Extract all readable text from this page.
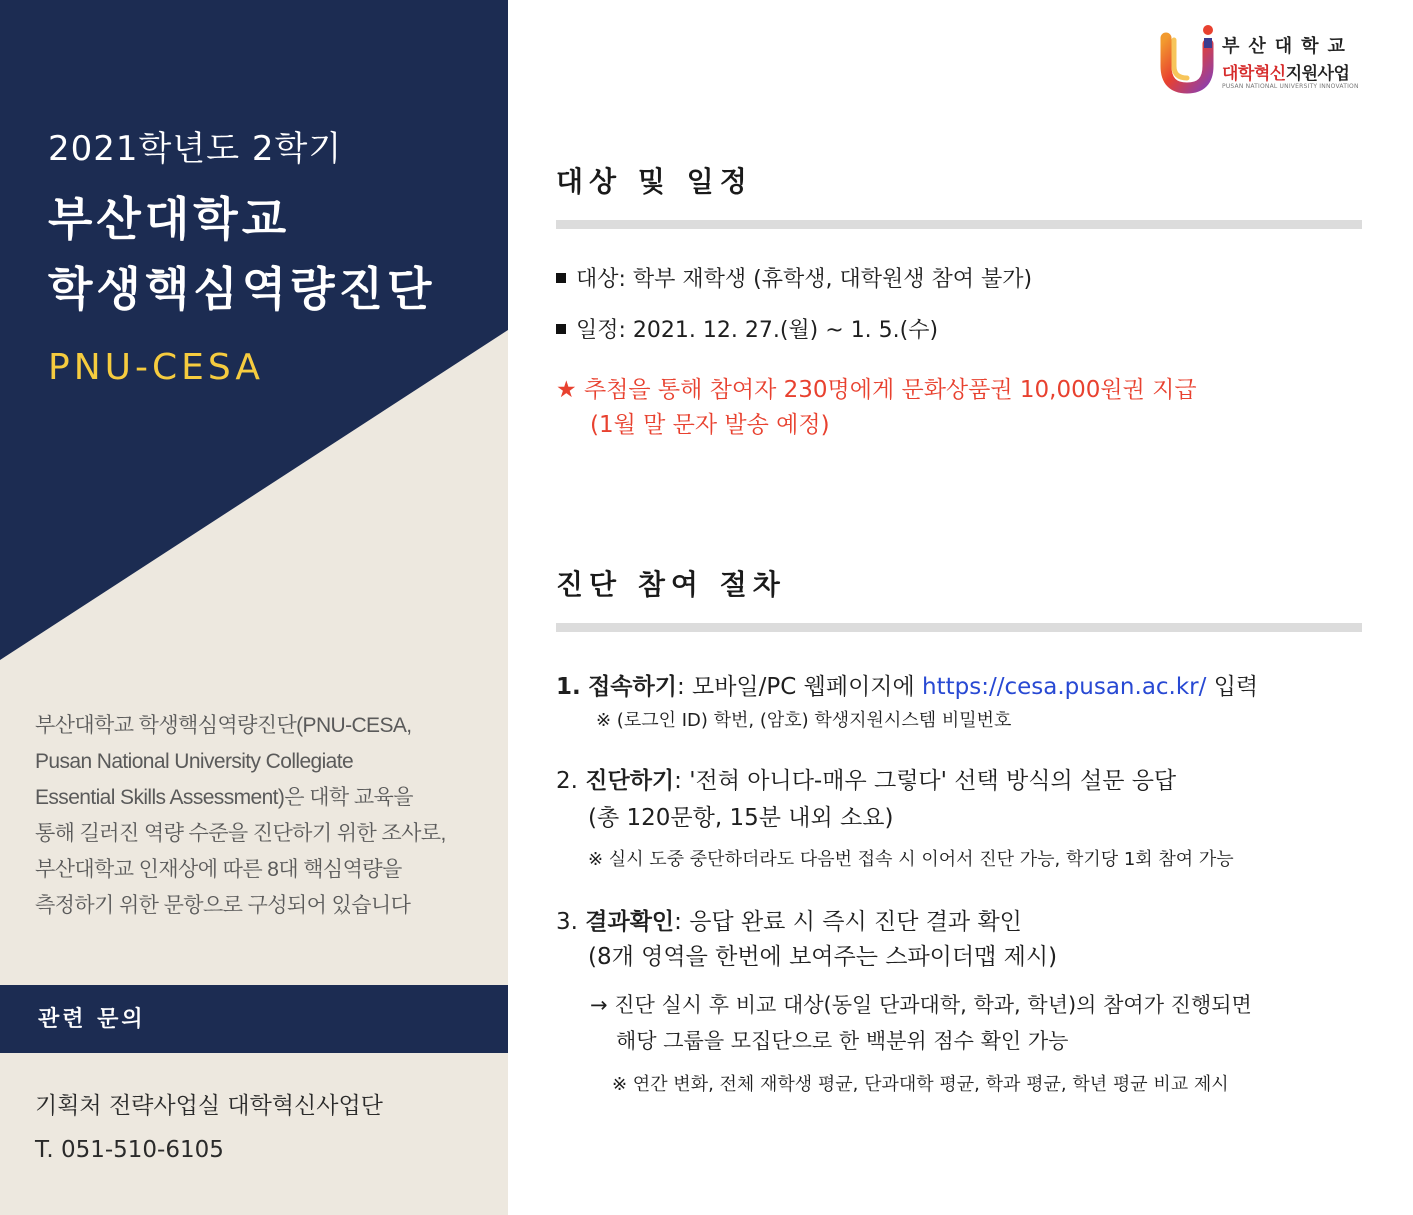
2021학년도 2학기
부산대학교
학생핵심역량진단
PNU-CESA
부산대학교 학생핵심역량진단(PNU-CESA,
Pusan National University Collegiate
Essential Skills Assessment)은 대학 교육을
통해 길러진 역량 수준을 진단하기 위한 조사로,
부산대학교 인재상에 따른 8대 핵심역량을
측정하기 위한 문항으로 구성되어 있습니다
관련 문의
기획처 전략사업실 대학혁신사업단
T. 051-510-6105
부산대학교
대학혁신지원사업
PUSAN NATIONAL UNIVERSITY INNOVATION
대상 및 일정
대상: 학부 재학생 (휴학생, 대학원생 참여 불가)
일정: 2021. 12. 27.(월) ~ 1. 5.(수)
★ 추첨을 통해 참여자 230명에게 문화상품권 10,000원권 지급
(1월 말 문자 발송 예정)
진단 참여 절차
1. 접속하기: 모바일/PC 웹페이지에 https://cesa.pusan.ac.kr/ 입력
※ (로그인 ID) 학번, (암호) 학생지원시스템 비밀번호
2. 진단하기: '전혀 아니다-매우 그렇다' 선택 방식의 설문 응답
(총 120문항, 15분 내외 소요)
※ 실시 도중 중단하더라도 다음번 접속 시 이어서 진단 가능, 학기당 1회 참여 가능
3. 결과확인: 응답 완료 시 즉시 진단 결과 확인
(8개 영역을 한번에 보여주는 스파이더맵 제시)
→ 진단 실시 후 비교 대상(동일 단과대학, 학과, 학년)의 참여가 진행되면
해당 그룹을 모집단으로 한 백분위 점수 확인 가능
※ 연간 변화, 전체 재학생 평균, 단과대학 평균, 학과 평균, 학년 평균 비교 제시
